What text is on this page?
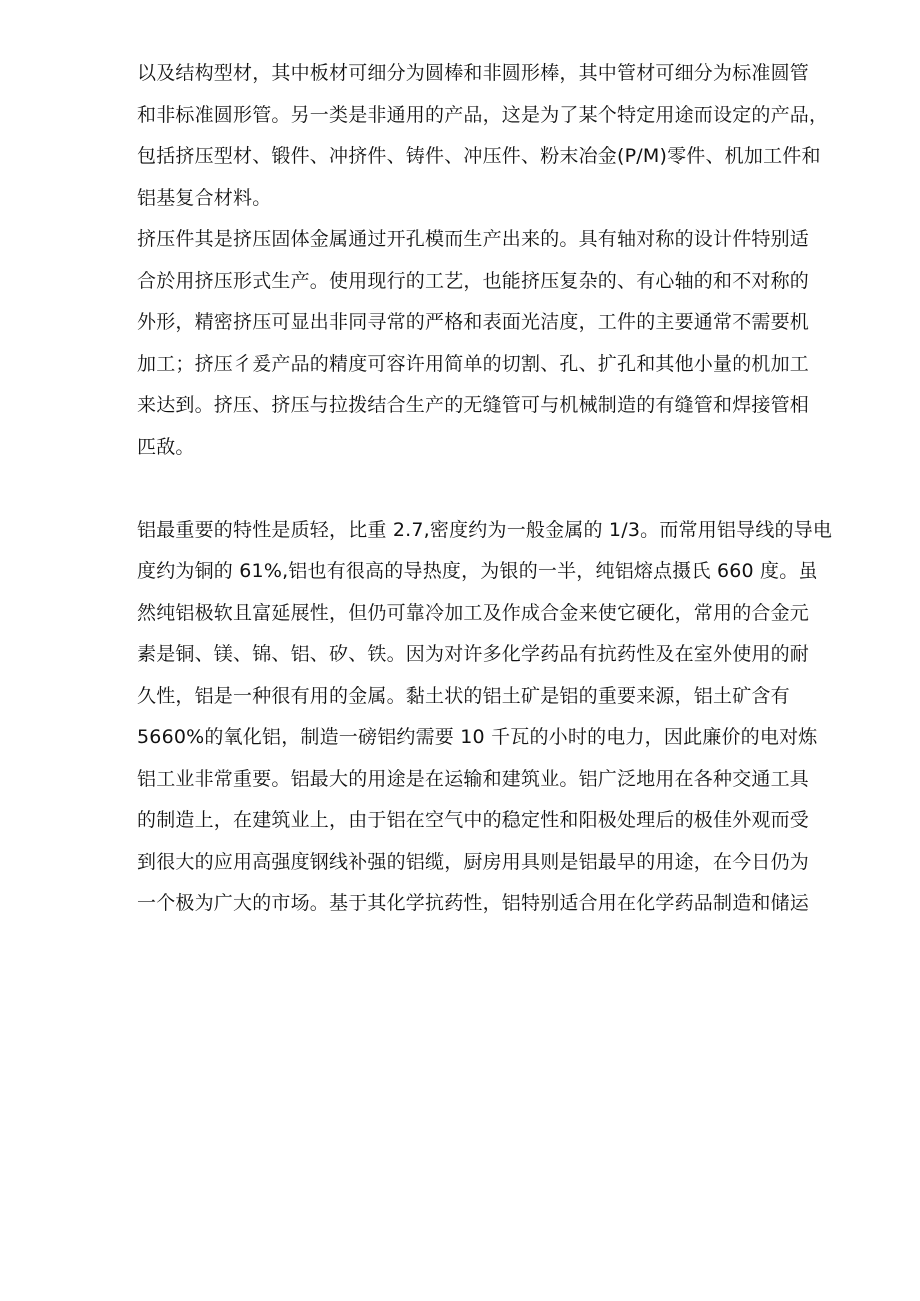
以及结构型材，其中板材可细分为圆棒和非圆形棒，其中管材可细分为标准圆管

和非标准圆形管。另一类是非通用的产品，这是为了某个特定用途而设定的产品，

包括挤压型材、锻件、冲挤件、铸件、冲压件、粉末冶金(P/M)零件、机加工件和

铝基复合材料。

挤压件其是挤压固体金属通过开孔模而生产出来的。具有轴对称的设计件特别适

合於用挤压形式生产。使用现行的工艺，也能挤压复杂的、有心轴的和不对称的

外形，精密挤压可显出非同寻常的严格和表面光洁度，工件的主要通常不需要机

加工；挤压彳爰产品的精度可容许用简单的切割、孔、扩孔和其他小量的机加工

来达到。挤压、挤压与拉拨结合生产的无缝管可与机械制造的有缝管和焊接管相

匹敌。

铝最重要的特性是质轻，比重 2.7,密度约为一般金属的 1/3。而常用铝导线的导电

度约为铜的 61%,铝也有很高的导热度，为银的一半，纯铝熔点摄氏 660 度。虽

然纯铝极软且富延展性，但仍可靠冷加工及作成合金来使它硬化，常用的合金元

素是铜、镁、锦、铝、矽、铁。因为对许多化学药品有抗药性及在室外使用的耐

久性，铝是一种很有用的金属。黏土状的铝土矿是铝的重要来源，铝土矿含有

5660%的氧化铝，制造一磅铝约需要 10 千瓦的小时的电力，因此廉价的电对炼

铝工业非常重要。铝最大的用途是在运输和建筑业。铝广泛地用在各种交通工具

的制造上，在建筑业上，由于铝在空气中的稳定性和阳极处理后的极佳外观而受

到很大的应用高强度钢线补强的铝缆，厨房用具则是铝最早的用途，在今日仍为

一个极为广大的市场。基于其化学抗药性，铝特别适合用在化学药品制造和储运
